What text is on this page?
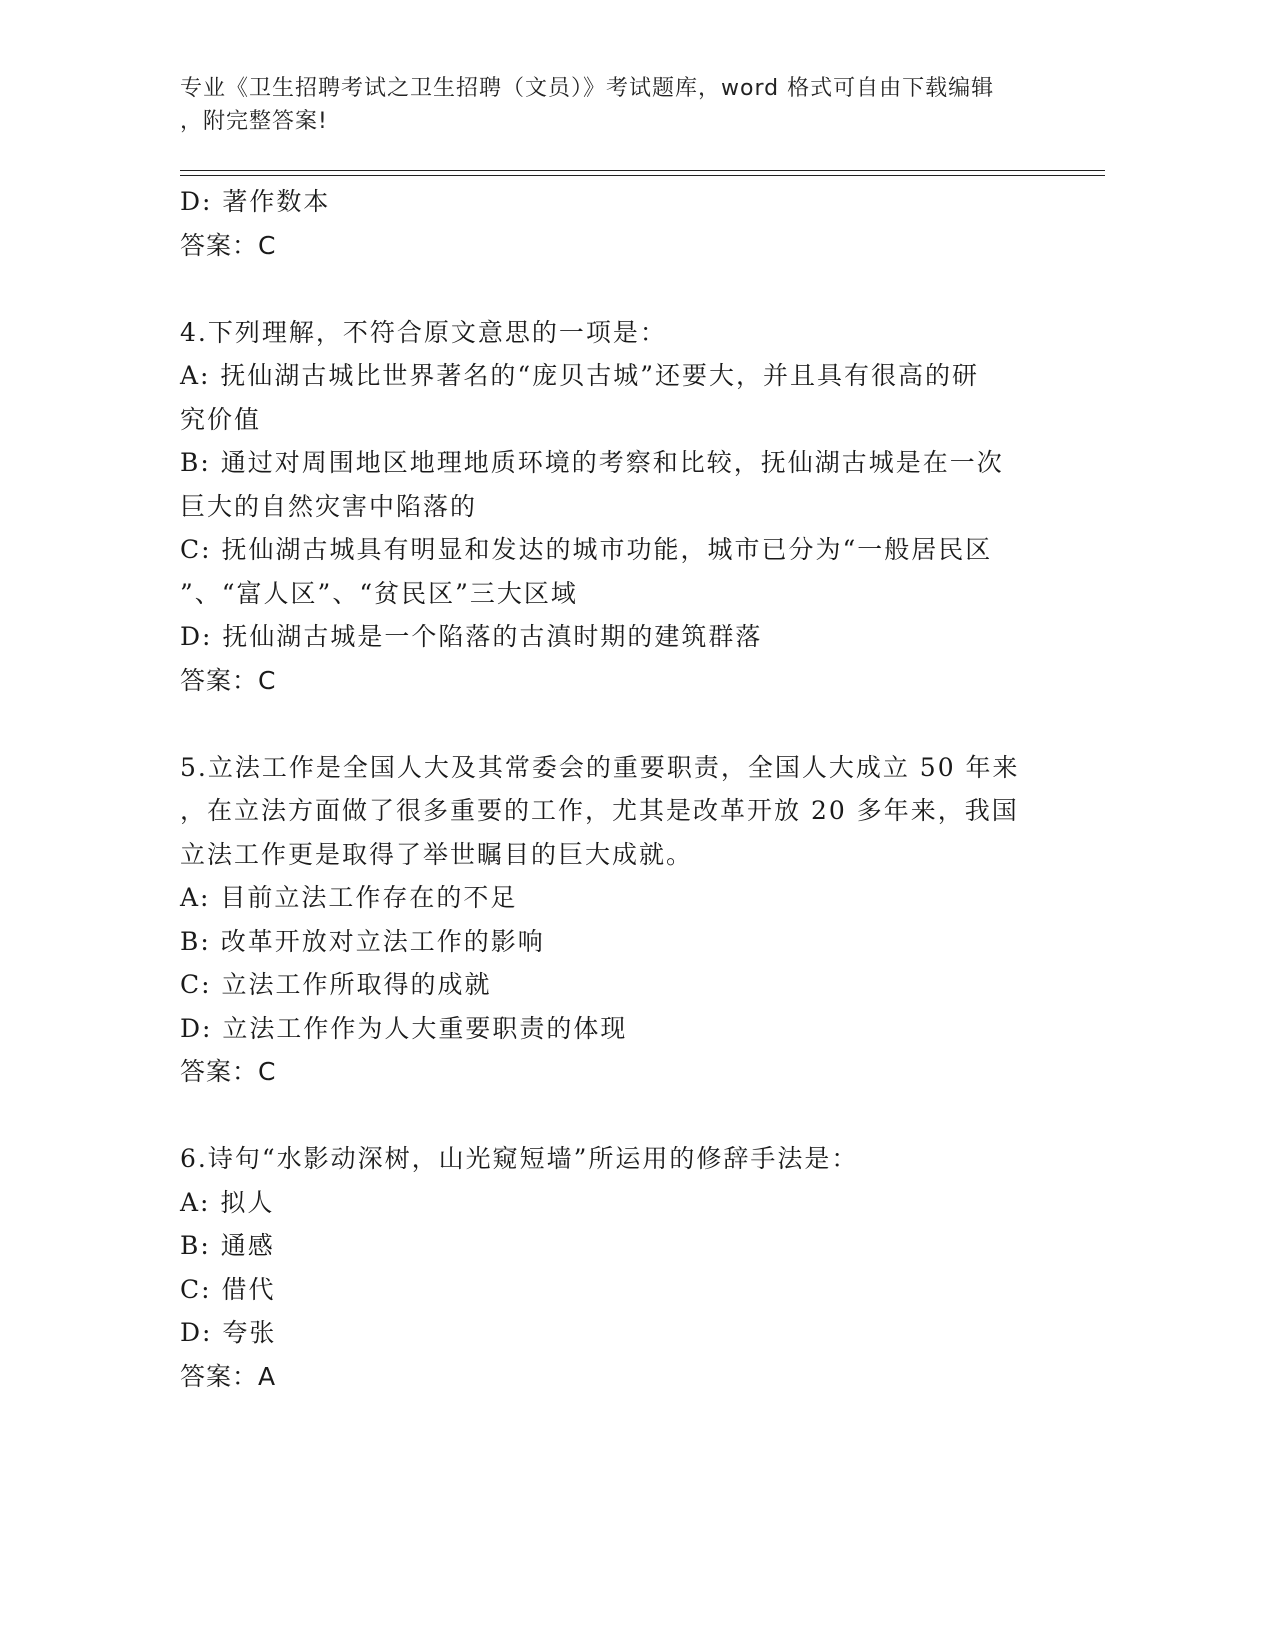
专业《卫生招聘考试之卫生招聘（文员）》考试题库，word 格式可自由下载编辑
，附完整答案!

D: 著作数本

答案：C

4.下列理解，不符合原文意思的一项是：

A: 抚仙湖古城比世界著名的“庞贝古城”还要大，并且具有很高的研

究价值

B: 通过对周围地区地理地质环境的考察和比较，抚仙湖古城是在一次

巨大的自然灾害中陷落的

C: 抚仙湖古城具有明显和发达的城市功能，城市已分为“一般居民区

”、“富人区”、“贫民区”三大区域

D: 抚仙湖古城是一个陷落的古滇时期的建筑群落

答案：C

5.立法工作是全国人大及其常委会的重要职责，全国人大成立 50 年来

，在立法方面做了很多重要的工作，尤其是改革开放 20 多年来，我国

立法工作更是取得了举世瞩目的巨大成就。

A: 目前立法工作存在的不足

B: 改革开放对立法工作的影响

C: 立法工作所取得的成就

D: 立法工作作为人大重要职责的体现

答案：C

6.诗句“水影动深树，山光窥短墙”所运用的修辞手法是：

A: 拟人

B: 通感

C: 借代

D: 夸张

答案：A
